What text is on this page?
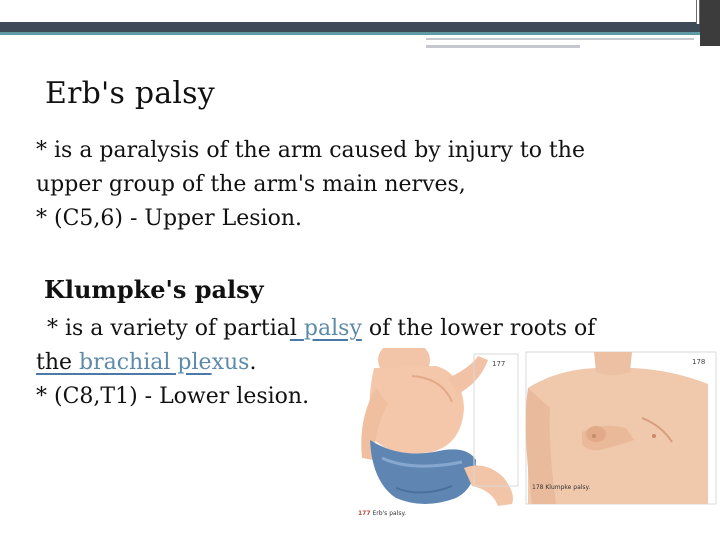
Erb's palsy
* is a paralysis of the arm caused by injury to the
upper group of the arm's main nerves,
* (C5,6) - Upper Lesion.
Klumpke's palsy
* is a variety of partial palsy of the lower roots of
the brachial plexus.
* (C8,T1) - Lower lesion.
177
177 Erb's palsy.
178
178 Klumpke palsy.
